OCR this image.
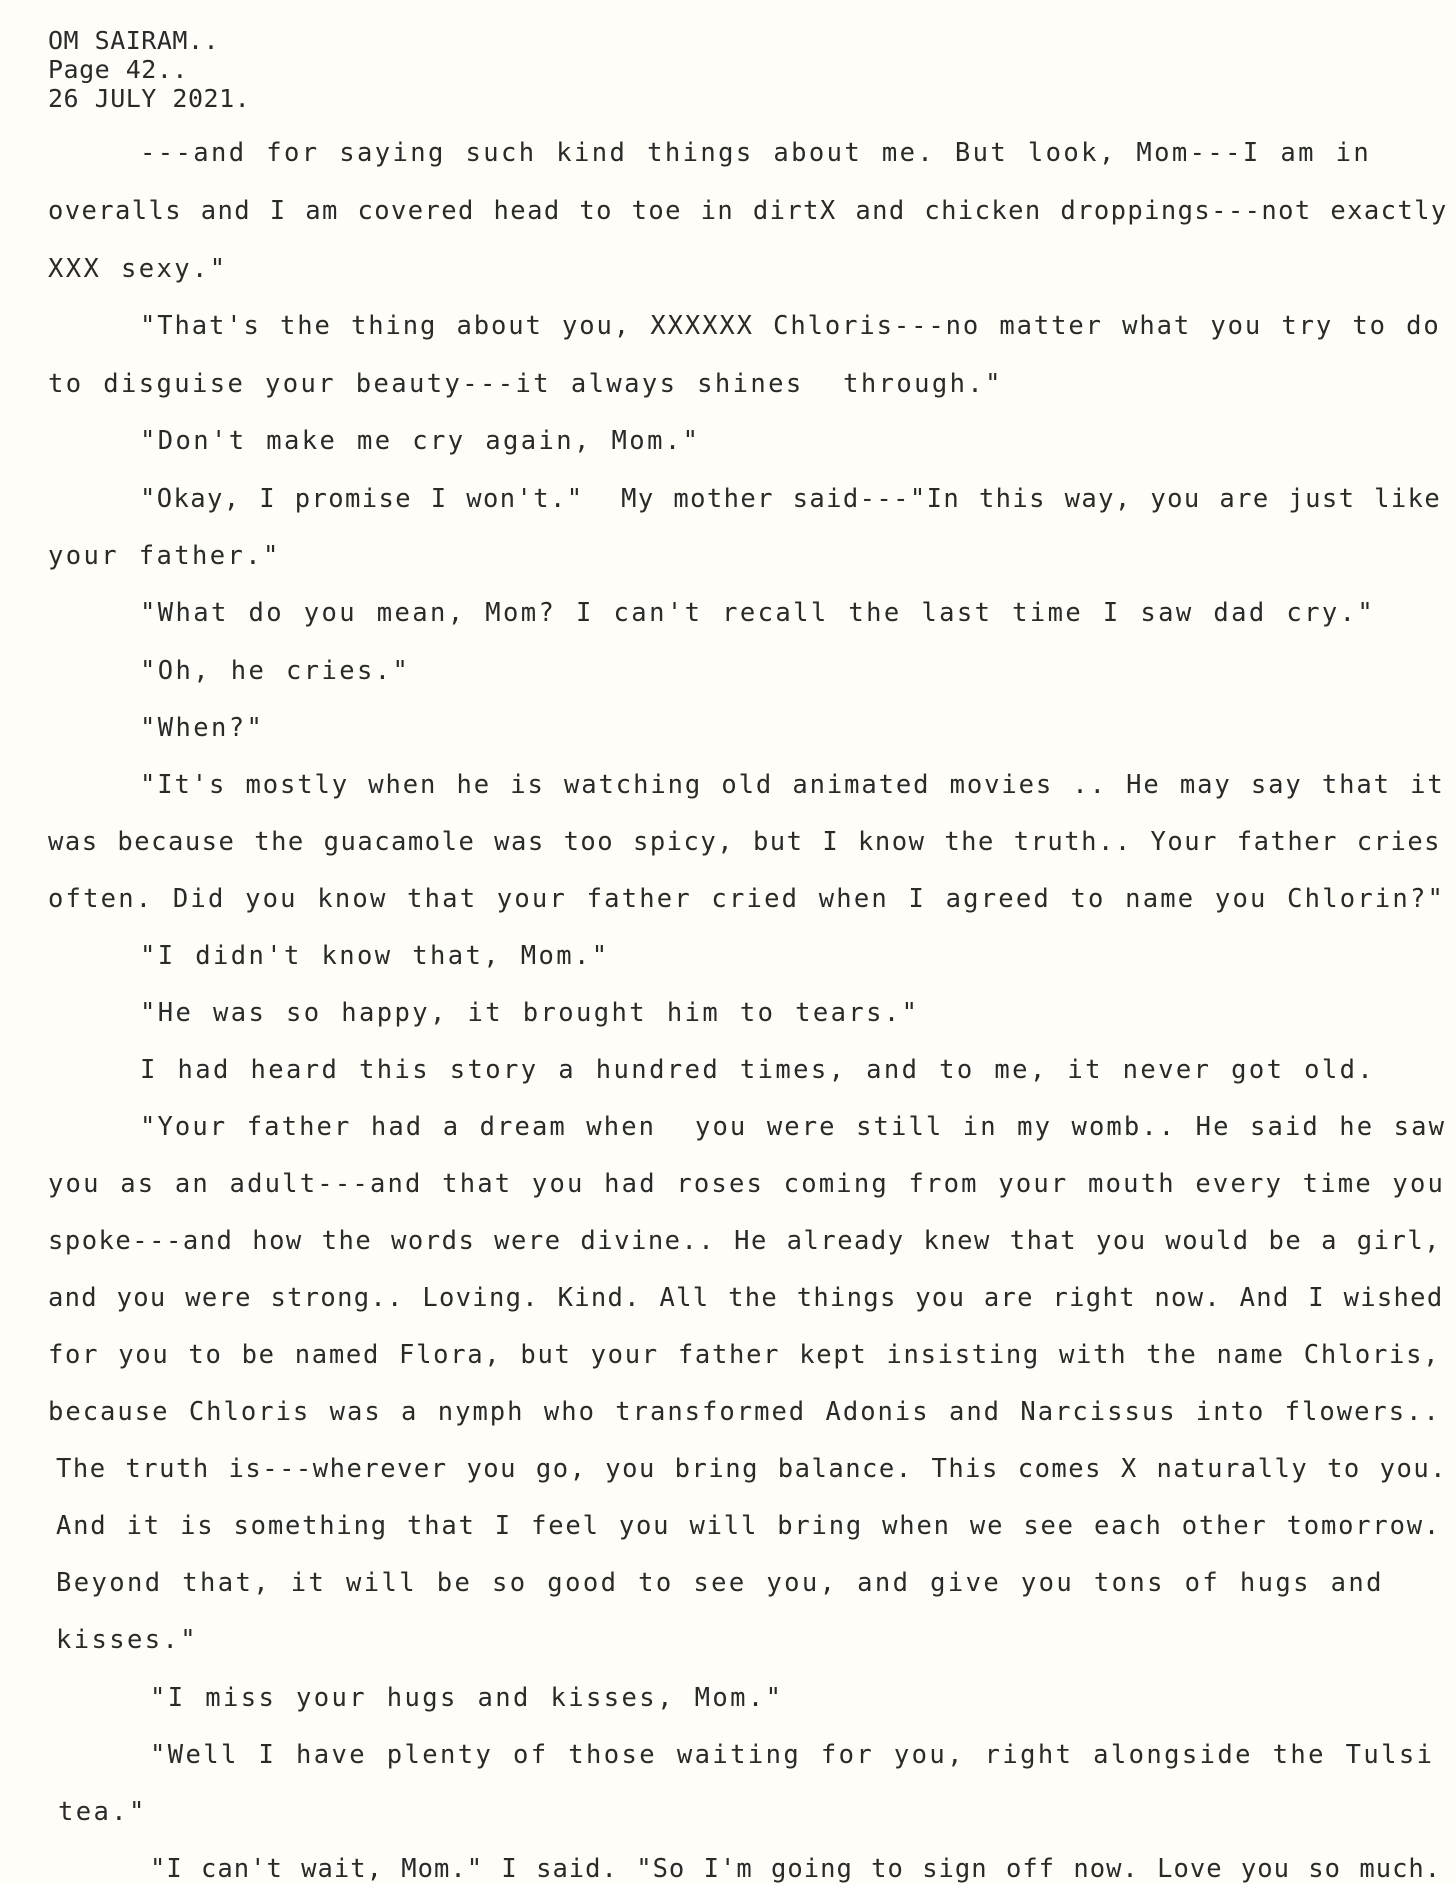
OM SAIRAM..
Page 42..
26 JULY 2021.
---and for saying such kind things about me. But look, Mom---I am in
overalls and I am covered head to toe in dirtX and chicken droppings---not exactly
XXX sexy."
"That's the thing about you, XXXXXX Chloris---no matter what you try to do
to disguise your beauty---it always shines  through."
"Don't make me cry again, Mom."
"Okay, I promise I won't."  My mother said---"In this way, you are just like
your father."
"What do you mean, Mom? I can't recall the last time I saw dad cry."
"Oh, he cries."
"When?"
"It's mostly when he is watching old animated movies .. He may say that it
was because the guacamole was too spicy, but I know the truth.. Your father cries
often. Did you know that your father cried when I agreed to name you Chlorin?"
"I didn't know that, Mom."
"He was so happy, it brought him to tears."
I had heard this story a hundred times, and to me, it never got old.
"Your father had a dream when  you were still in my womb.. He said he saw
you as an adult---and that you had roses coming from your mouth every time you
spoke---and how the words were divine.. He already knew that you would be a girl,
and you were strong.. Loving. Kind. All the things you are right now. And I wished
for you to be named Flora, but your father kept insisting with the name Chloris,
because Chloris was a nymph who transformed Adonis and Narcissus into flowers..
The truth is---wherever you go, you bring balance. This comes X naturally to you.
And it is something that I feel you will bring when we see each other tomorrow.
Beyond that, it will be so good to see you, and give you tons of hugs and
kisses."
"I miss your hugs and kisses, Mom."
"Well I have plenty of those waiting for you, right alongside the Tulsi
tea."
"I can't wait, Mom." I said. "So I'm going to sign off now. Love you so much.
